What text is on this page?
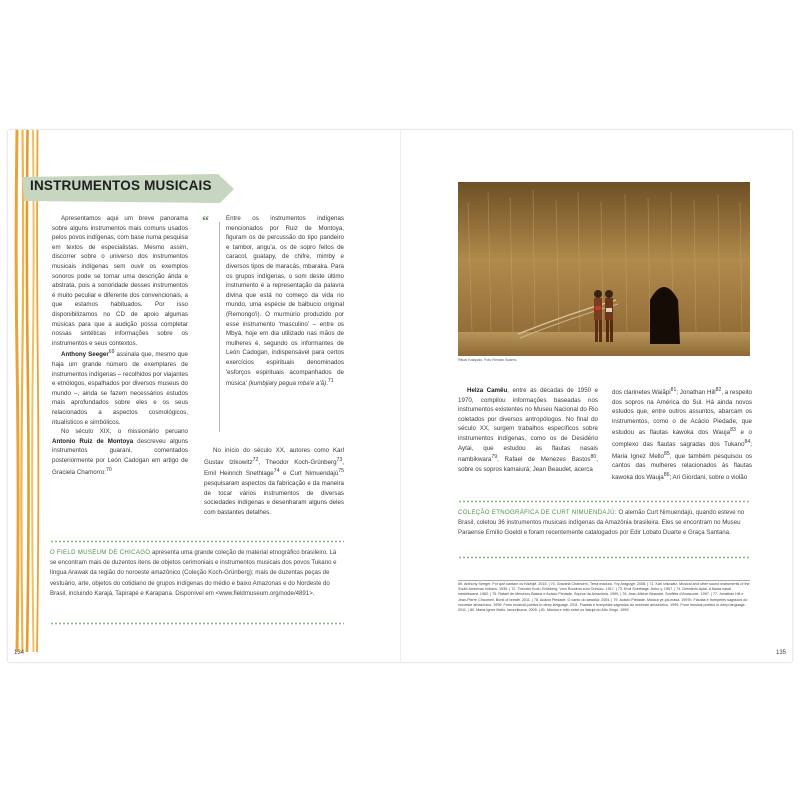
INSTRUMENTOS MUSICAIS

Apresentamos aqui um breve panorama sobre alguns instrumentos mais comuns usados pelos povos indígenas, com base numa pesquisa em textos de especialistas. Mesmo assim, discorrer sobre o universo dos instrumentos musicais indígenas sem ouvir os exemplos sonoros pode se tornar uma descrição árida e abstrata, pois a sonoridade desses instrumentos é muito peculiar e diferente dos convencionais, a que estamos habituados. Por isso disponibilizamos no CD de apoio algumas músicas para que a audição possa completar nossas sintéticas informações sobre os instrumentos e seus contextos.

Anthony Seeger$^{69}$ assinala que, mesmo que haja um grande número de exemplares de instrumentos indígenas – recolhidos por viajantes e etnólogos, espalhados por diversos museus do mundo –, ainda se fazem necessários estudos mais aprofundados sobre eles e os seus relacionados a aspectos cosmológicos, ritualísticos e simbólicos.

No século XIX, o missionário peruano Antonio Ruiz de Montoya descreveu alguns instrumentos guarani, comentados posteriormente por León Cadogan em artigo de Graciela Chamorro:$^{70}$

“	Entre os instrumentos indígenas mencionados por Ruiz de Montoya, figuram os de percussão do tipo pandeiro e tambor, angu'a, os de sopro feitos de caracol, guatapy, de chifre, mimby e diversos tipos de maracás, mbaraka. Para os grupos indígenas, o som deste último instrumento é a representação da palavra divina que está no começo da vida no mundo, uma espécie de balbucio original (Remongo'i). O murmúrio produzido por esse instrumento 'masculino' – entre os Mbyá, hoje em dia utilizado nas mãos de mulheres é, segundo os informantes de León Cadogan, indispensável para certos exercícios espirituais denominados 'esforços espirituais acompanhados de música' (kumbjiary pegua mba'e a'ã).$^{71}$

No início do século XX, autores como Karl Gustav Izikowitz$^{72}$, Theodor Koch-Grünberg$^{73}$, Emil Heinrich Snethlage$^{74}$ e Curt Nimuendajú$^{75}$ pesquisaram aspectos da fabricação e da maneira de tocar vários instrumentos de diversas sociedades indígenas e desenharam alguns deles com bastantes detalhes.

O FIELD MUSEUM DE CHICAGO apresenta uma grande coleção de material etnográfico brasileiro. Lá se encontram mais de duzentos itens de objetos cerimoniais e instrumentos musicais dos povos Tukano e língua Arawak da região do noroeste amazônico (Coleção Koch-Grünberg); mais de duzentas peças de vestuário, arte, objetos do cotidiano de grupos indígenas do médio e baixo Amazonas e do Nordeste do Brasil, incluindo Karajá, Tapirapé e Karapana. Disponível em <www.fieldmuseum.org/node/4891>.
Ritual Kalapalo. Foto Renato Soares.

Helza Camêu, entre as décadas de 1950 e 1970, compilou informações baseadas nos instrumentos existentes no Museu Nacional do Rio coletados por diversos antropólogos. No final do século XX, surgem trabalhos específicos sobre instrumentos indígenas, como os de Desidério Aytai, que estudou as flautas nasais nambikwara$^{79}$; Rafael de Menezes Bastos$^{80}$, sobre os sopros kamaiurá; Jean Beaudet, acerca

dos clarinetes Waiãpi$^{81}$; Jonathan Hill$^{82}$, a respeito dos sopros na América do Sul. Há ainda novos estudos que, entre outros assuntos, abarcam os instrumentos, como o de Acácio Piedade, que estudou as flautas kawoka dos Wauja$^{83}$ e o complexo das flautas sagradas dos Tukano$^{84}$; Maria Ignez Mello$^{85}$, que também pesquisou os cantos das mulheres relacionados às flautas kawoka dos Wauja$^{86}$; Ari Giordani, sobre o violão

COLEÇÃO ETNOGRÁFICA DE CURT NIMUENDAJÚ: O alemão Curt Nimuendajú, quando esteve no Brasil, coletou 36 instrumentos musicais indígenas da Amazônia brasileira. Eles se encontram no Museu Paraense Emílio Goeldi e foram recentemente catalogados por Edir Lobato Duarte e Graça Santana.
69. Anthony Seeger. Por que cantam os Kisêdjê. 2015. | 70. Graciela Chamorro. Terra madura, Yvy Araguyje. 2008. | 71. Karl Izikowitz. Musical and other sound instruments of the South American Indians. 1935. | 72. Theodor Koch-Grünberg. Vom Roraima zum Orinoco. 1917. | 73. Emil Snethlage. Aôbo y. 1957. | 74. Desidério Aytai. A flauta nasal nambikwara. 1982. | 75. Rafael de Menezes Bastos e Acácio Piedade. Sopros da Amazônia. 1999. | 76. Jean-Michel Beaudet. Souffles d'Amazonie. 1997. | 77. Jonathan Hill e Jean-Pierre Chaumeil. Burst of breath. 2011. | 78. Acácio Piedade. O canto do kawokà. 2004. | 79. Acácio Piedade. Música yé-pâ-masa. 1997b. Flautas e trompetes sagrados do noroeste amazônico. 1999. From musical poetics to deep language. 2011. Flautas e trompetes sagrados do noroeste amazônico. 1999. From musical poetics to deep language. 2011. | 80. Maria Ignez Mello. Iamurikuma. 2005. | 81. Música e mito entre os Wauja do Alto Xingu. 1999.
134	135
